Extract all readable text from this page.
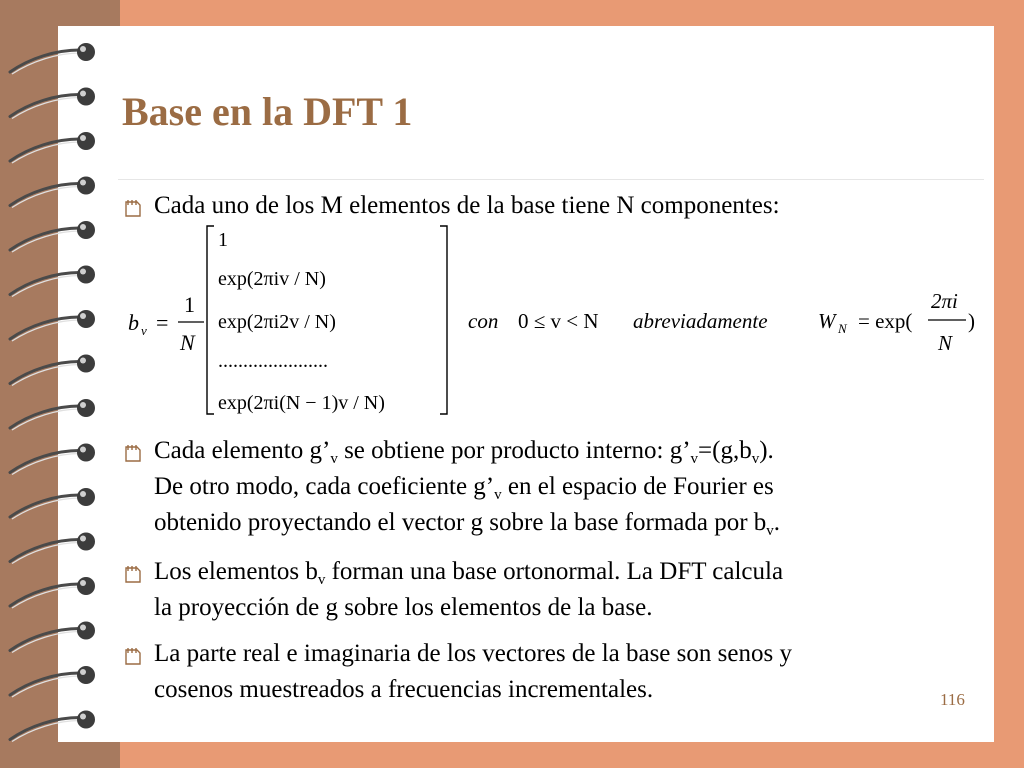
Base en la DFT 1
Cada uno de los M elementos de la base tiene N componentes:
Cada elemento $g’_v$ se obtiene por producto interno: $g’_v=(g,b_v)$.
De otro modo, cada coeficiente $g’_v$ en el espacio de Fourier es
obtenido proyectando el vector g sobre la base formada por $b_v$.
Los elementos $b_v$ forman una base ortonormal. La DFT calcula
la proyección de g sobre los elementos de la base.
La parte real e imaginaria de los vectores de la base son senos y
cosenos muestreados a frecuencias incrementales.
b v =
1
N
1
exp(2πiv / N)
exp(2πi2v / N)
......................
exp(2πi(N − 1)v / N)
con 0 ≤ v < N abreviadamente W N = exp(
2πi
N
)
116
